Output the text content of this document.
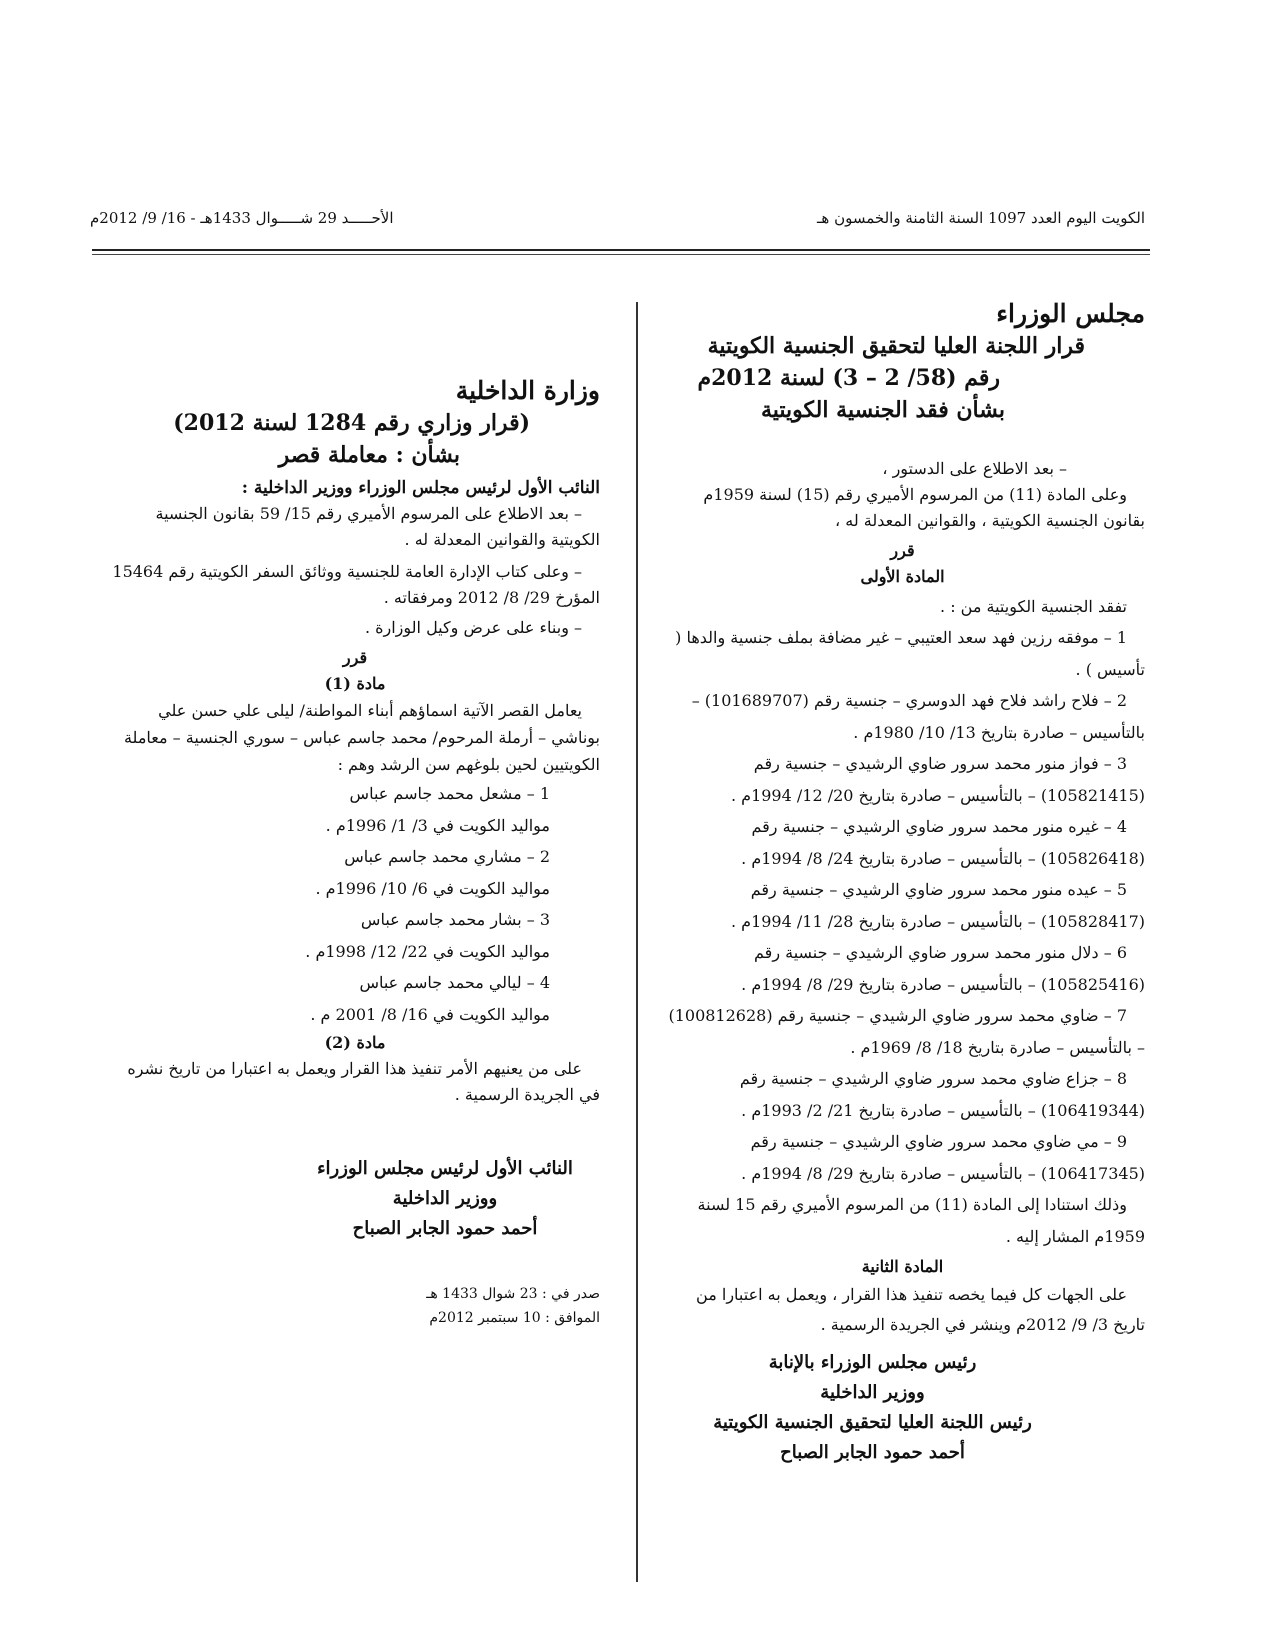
الكويت اليوم العدد 1097 السنة الثامنة والخمسون هـ
الأحـــــد 29 شـــــوال 1433هـ - 16/ 9/ 2012م

مجلس الوزراء

قرار اللجنة العليا لتحقيق الجنسية الكويتية

رقم (58/ 2 – 3) لسنة 2012م

بشأن فقد الجنسية الكويتية

– بعد الاطلاع على الدستور ،

وعلى المادة (11) من المرسوم الأميري رقم (15) لسنة 1959م بقانون الجنسية الكويتية ، والقوانين المعدلة له ،

قرر

المادة الأولى

تفقد الجنسية الكويتية من : .

1 – موفقه رزين فهد سعد العتيبي – غير مضافة بملف جنسية والدها ( تأسيس ) .

2 – فلاح راشد فلاح فهد الدوسري – جنسية رقم (101689707) – بالتأسيس – صادرة بتاريخ 13/ 10/ 1980م .

3 – فواز منور محمد سرور ضاوي الرشيدي – جنسية رقم (105821415) – بالتأسيس – صادرة بتاريخ 20/ 12/ 1994م .

4 – غيره منور محمد سرور ضاوي الرشيدي – جنسية رقم (105826418) – بالتأسيس – صادرة بتاريخ 24/ 8/ 1994م .

5 – عيده منور محمد سرور ضاوي الرشيدي – جنسية رقم (105828417) – بالتأسيس – صادرة بتاريخ 28/ 11/ 1994م .

6 – دلال منور محمد سرور ضاوي الرشيدي – جنسية رقم (105825416) – بالتأسيس – صادرة بتاريخ 29/ 8/ 1994م .

7 – ضاوي محمد سرور ضاوي الرشيدي – جنسية رقم (100812628) – بالتأسيس – صادرة بتاريخ 18/ 8/ 1969م .

8 – جزاع ضاوي محمد سرور ضاوي الرشيدي – جنسية رقم (106419344) – بالتأسيس – صادرة بتاريخ 21/ 2/ 1993م .

9 – مي ضاوي محمد سرور ضاوي الرشيدي – جنسية رقم (106417345) – بالتأسيس – صادرة بتاريخ 29/ 8/ 1994م .

وذلك استنادا إلى المادة (11) من المرسوم الأميري رقم 15 لسنة 1959م المشار إليه .

المادة الثانية

على الجهات كل فيما يخصه تنفيذ هذا القرار ، ويعمل به اعتبارا من تاريخ 3/ 9/ 2012م وينشر في الجريدة الرسمية .

رئيس مجلس الوزراء بالإنابة

ووزير الداخلية

رئيس اللجنة العليا لتحقيق الجنسية الكويتية

أحمد حمود الجابر الصباح

وزارة الداخلية

(قرار وزاري رقم 1284 لسنة 2012)

بشأن : معاملة قصر

النائب الأول لرئيس مجلس الوزراء ووزير الداخلية :

– بعد الاطلاع على المرسوم الأميري رقم 15/ 59 بقانون الجنسية الكويتية والقوانين المعدلة له .

– وعلى كتاب الإدارة العامة للجنسية ووثائق السفر الكويتية رقم 15464 المؤرخ 29/ 8/ 2012 ومرفقاته .

– وبناء على عرض وكيل الوزارة .

قرر

مادة (1)

يعامل القصر الآتية اسماؤهم أبناء المواطنة/ ليلى علي حسن علي بوناشي – أرملة المرحوم/ محمد جاسم عباس – سوري الجنسية – معاملة الكويتيين لحين بلوغهم سن الرشد وهم :

1 – مشعل محمد جاسم عباس

مواليد الكويت في 3/ 1/ 1996م .

2 – مشاري محمد جاسم عباس

مواليد الكويت في 6/ 10/ 1996م .

3 – بشار محمد جاسم عباس

مواليد الكويت في 22/ 12/ 1998م .

4 – ليالي محمد جاسم عباس

مواليد الكويت في 16/ 8/ 2001 م .

مادة (2)

على من يعنيهم الأمر تنفيذ هذا القرار ويعمل به اعتبارا من تاريخ نشره في الجريدة الرسمية .

النائب الأول لرئيس مجلس الوزراء

ووزير الداخلية

أحمد حمود الجابر الصباح

صدر في : 23 شوال 1433 هـ

الموافق : 10 سبتمبر 2012م
